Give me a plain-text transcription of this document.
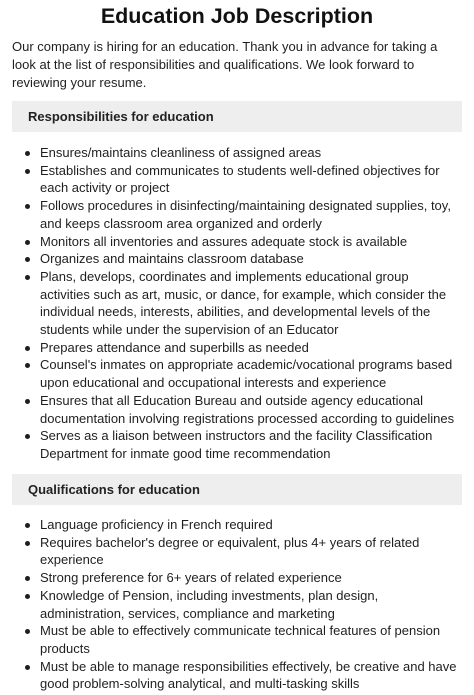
Education Job Description

Our company is hiring for an education. Thank you in advance for taking a look at the list of responsibilities and qualifications. We look forward to reviewing your resume.

Responsibilities for education
Ensures/maintains cleanliness of assigned areas
Establishes and communicates to students well-defined objectives for each activity or project
Follows procedures in disinfecting/maintaining designated supplies, toy, and keeps classroom area organized and orderly
Monitors all inventories and assures adequate stock is available
Organizes and maintains classroom database
Plans, develops, coordinates and implements educational group activities such as art, music, or dance, for example, which consider the individual needs, interests, abilities, and developmental levels of the students while under the supervision of an Educator
Prepares attendance and superbills as needed
Counsel's inmates on appropriate academic/vocational programs based upon educational and occupational interests and experience
Ensures that all Education Bureau and outside agency educational documentation involving registrations processed according to guidelines
Serves as a liaison between instructors and the facility Classification Department for inmate good time recommendation
Qualifications for education
Language proficiency in French required
Requires bachelor's degree or equivalent, plus 4+ years of related experience
Strong preference for 6+ years of related experience
Knowledge of Pension, including investments, plan design, administration, services, compliance and marketing
Must be able to effectively communicate technical features of pension products
Must be able to manage responsibilities effectively, be creative and have good problem-solving analytical, and multi-tasking skills
